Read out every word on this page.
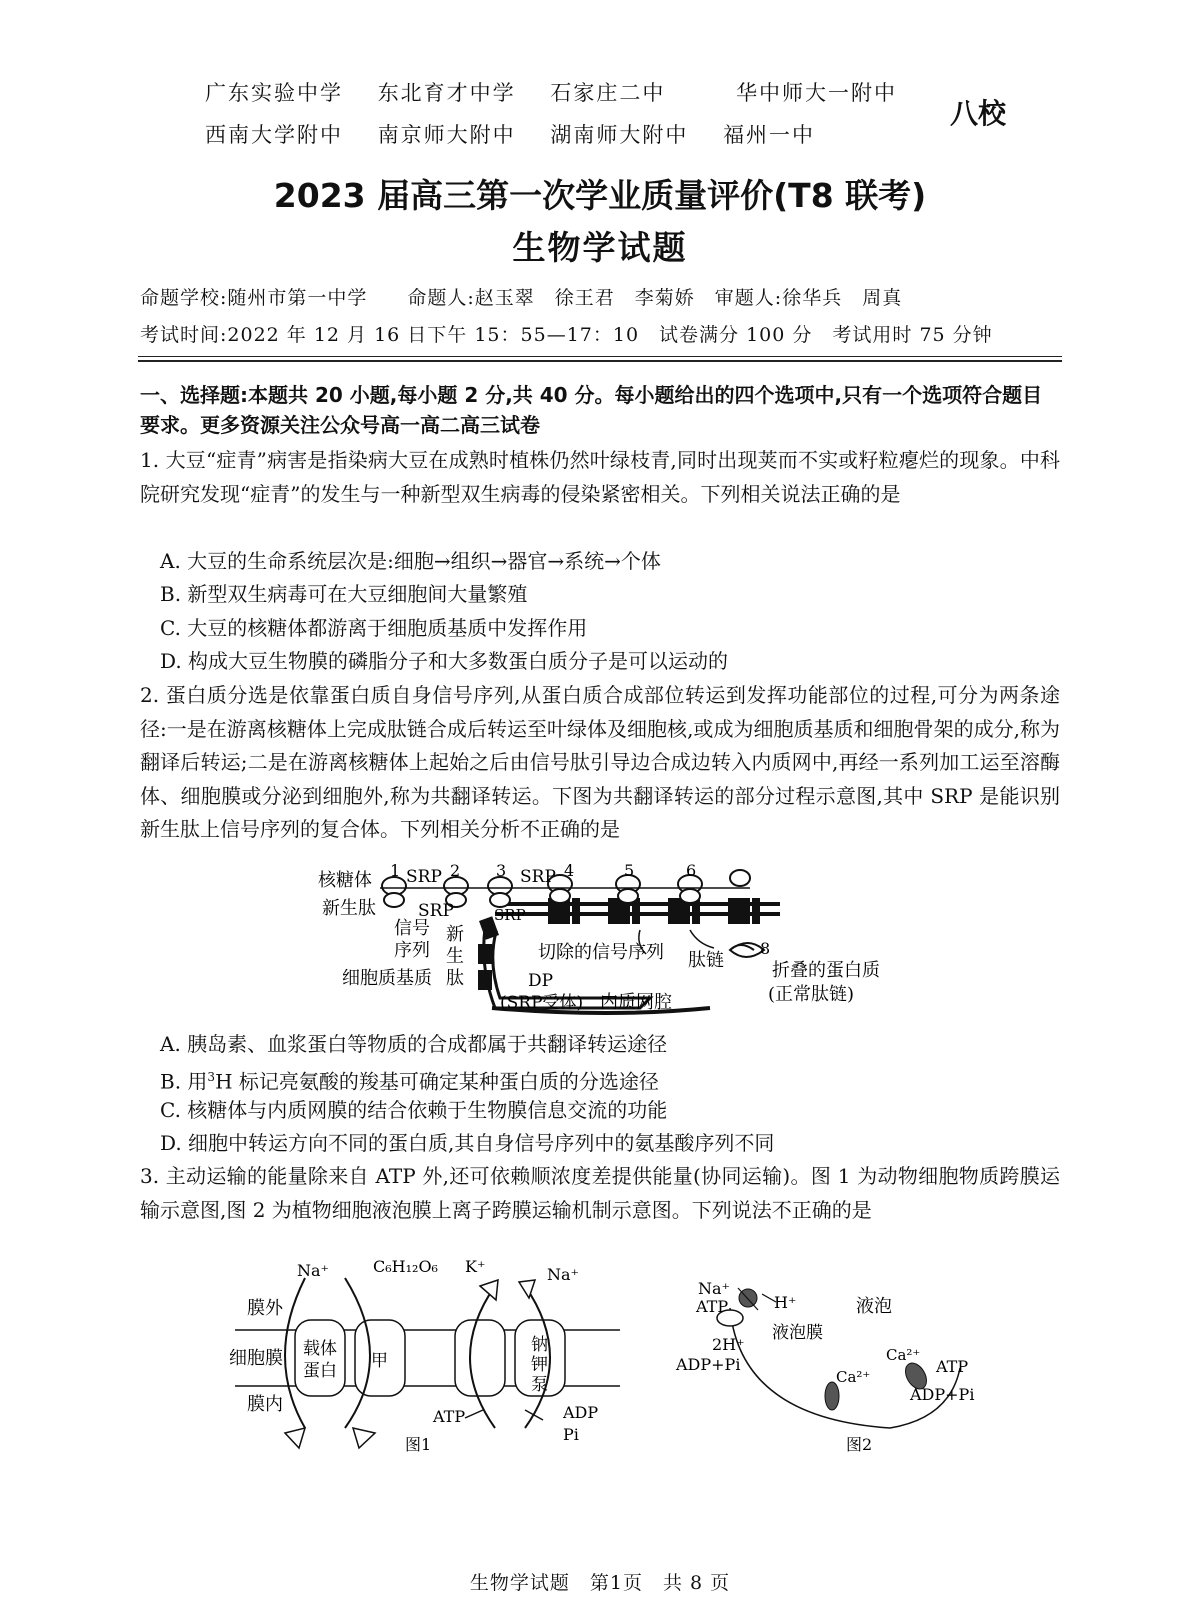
广东实验中学 东北育才中学 石家庄二中	华中师大一附中
西南大学附中 南京师大附中 湖南师大附中 福州一中
八校
2023 届高三第一次学业质量评价(T8 联考)
生物学试题
命题学校:随州市第一中学　　命题人:赵玉翠　徐王君　李菊娇　审题人:徐华兵　周真
考试时间:2022 年 12 月 16 日下午 15：55—17：10　试卷满分 100 分　考试用时 75 分钟
一、选择题:本题共 20 小题,每小题 2 分,共 40 分。每小题给出的四个选项中,只有一个选项符合题目要求。更多资源关注公众号高一高二高三试卷
1. 大豆“症青”病害是指染病大豆在成熟时植株仍然叶绿枝青,同时出现荚而不实或籽粒瘪烂的现象。中科院研究发现“症青”的发生与一种新型双生病毒的侵染紧密相关。下列相关说法正确的是
A. 大豆的生命系统层次是:细胞→组织→器官→系统→个体
B. 新型双生病毒可在大豆细胞间大量繁殖
C. 大豆的核糖体都游离于细胞质基质中发挥作用
D. 构成大豆生物膜的磷脂分子和大多数蛋白质分子是可以运动的
2. 蛋白质分选是依靠蛋白质自身信号序列,从蛋白质合成部位转运到发挥功能部位的过程,可分为两条途径:一是在游离核糖体上完成肽链合成后转运至叶绿体及细胞核,或成为细胞质基质和细胞骨架的成分,称为翻译后转运;二是在游离核糖体上起始之后由信号肽引导边合成边转入内质网中,再经一系列加工运至溶酶体、细胞膜或分泌到细胞外,称为共翻译转运。下图为共翻译转运的部分过程示意图,其中 SRP 是能识别新生肽上信号序列的复合体。下列相关分析不正确的是
核糖体
新生肽
1 SRP 2
SRP
3 SRP 4
SRP
5	6
8
信号
序列
新
生
肽
切除的信号序列 肽链	折叠的蛋白质
(正常肽链)
细胞质基质	DP
(SRP受体) 内质网腔
A. 胰岛素、血浆蛋白等物质的合成都属于共翻译转运途径
B. 用$^3$H 标记亮氨酸的羧基可确定某种蛋白质的分选途径
C. 核糖体与内质网膜的结合依赖于生物膜信息交流的功能
D. 细胞中转运方向不同的蛋白质,其自身信号序列中的氨基酸序列不同
3. 主动运输的能量除来自 ATP 外,还可依赖顺浓度差提供能量(协同运输)。图 1 为动物细胞物质跨膜运输示意图,图 2 为植物细胞液泡膜上离子跨膜运输机制示意图。下列说法不正确的是
Na⁺	C₆H₁₂O₆ K⁺	Na⁺
膜外
细胞膜
膜内
载体
蛋白 甲
钠
钾
泵
ATP	ADP
Pi
图1
Na⁺
H⁺
ATP
2H⁺
ADP+Pi
液泡
液泡膜
Ca²⁺
Ca²⁺
ATP
ADP+Pi
图2
生物学试题　第1页　共 8 页
